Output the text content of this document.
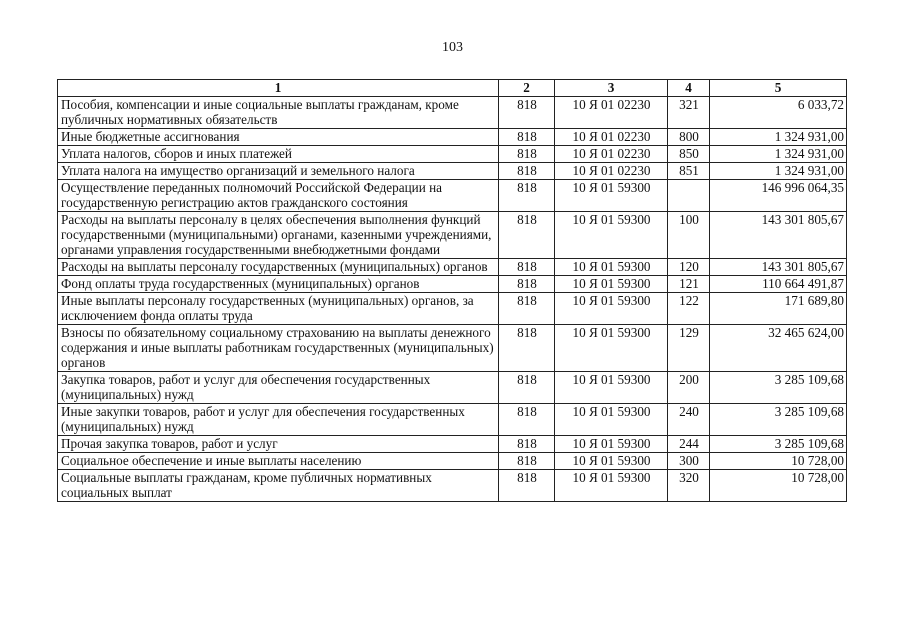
103
1	2	3	4	5
Пособия, компенсации и иные социальные выплаты гражданам, кроме публичных нормативных обязательств	818	10 Я 01 02230	321	6 033,72
Иные бюджетные ассигнования	818	10 Я 01 02230	800	1 324 931,00
Уплата налогов, сборов и иных платежей	818	10 Я 01 02230	850	1 324 931,00
Уплата налога на имущество организаций и земельного налога	818	10 Я 01 02230	851	1 324 931,00
Осуществление переданных полномочий Российской Федерации на государственную регистрацию актов гражданского состояния	818	10 Я 01 59300		146 996 064,35
Расходы на выплаты персоналу в целях обеспечения выполнения функций государственными (муниципальными) органами, казенными учреждениями, органами управления государственными внебюджетными фондами	818	10 Я 01 59300	100	143 301 805,67
Расходы на выплаты персоналу государственных (муниципальных) органов	818	10 Я 01 59300	120	143 301 805,67
Фонд оплаты труда государственных (муниципальных) органов	818	10 Я 01 59300	121	110 664 491,87
Иные выплаты персоналу государственных (муниципальных) органов, за исключением фонда оплаты труда	818	10 Я 01 59300	122	171 689,80
Взносы по обязательному социальному страхованию на выплаты денежного содержания и иные выплаты работникам государственных (муниципальных) органов	818	10 Я 01 59300	129	32 465 624,00
Закупка товаров, работ и услуг для обеспечения государственных (муниципальных) нужд	818	10 Я 01 59300	200	3 285 109,68
Иные закупки товаров, работ и услуг для обеспечения государственных (муниципальных) нужд	818	10 Я 01 59300	240	3 285 109,68
Прочая закупка товаров, работ и услуг	818	10 Я 01 59300	244	3 285 109,68
Социальное обеспечение и иные выплаты населению	818	10 Я 01 59300	300	10 728,00
Социальные выплаты гражданам, кроме публичных нормативных социальных выплат	818	10 Я 01 59300	320	10 728,00
